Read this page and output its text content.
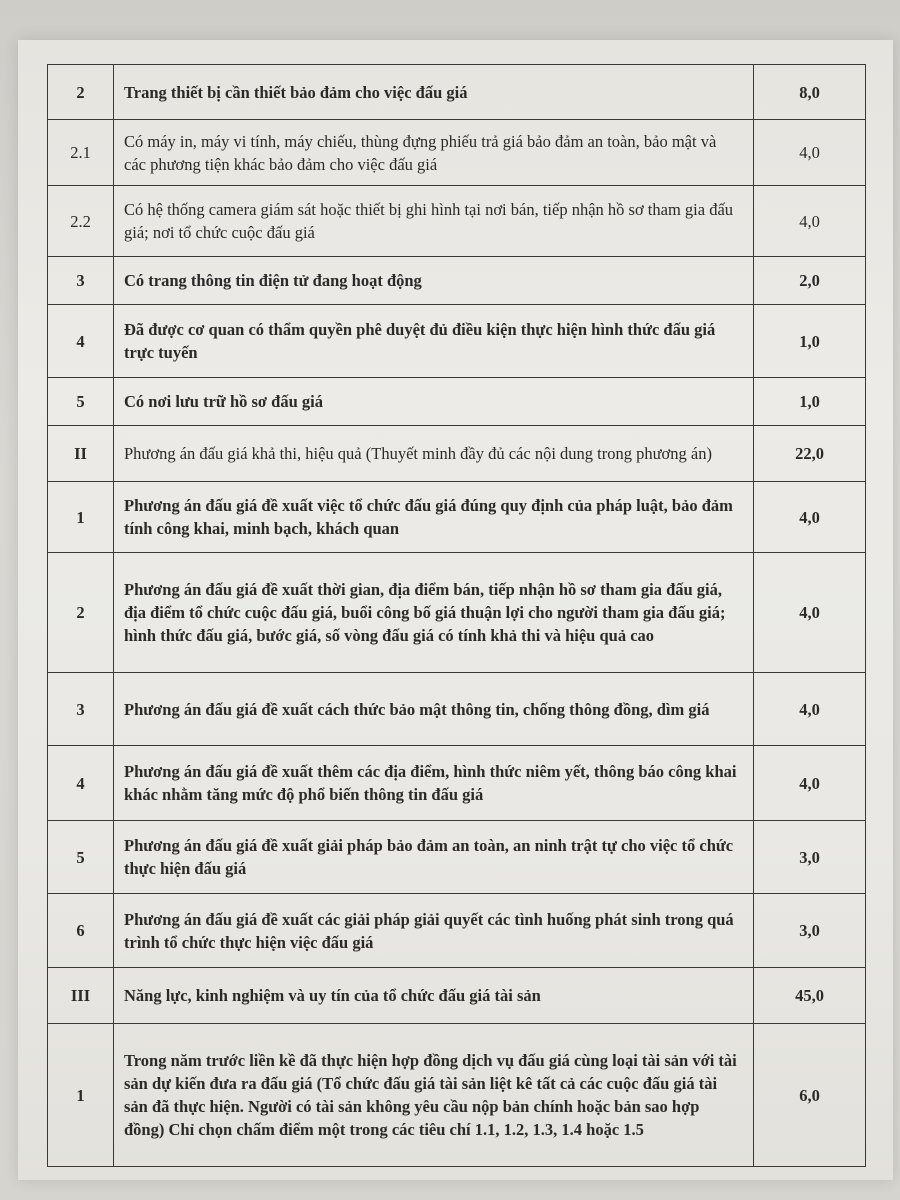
2	Trang thiết bị cần thiết bảo đảm cho việc đấu giá	8,0
2.1	Có máy in, máy vi tính, máy chiếu, thùng đựng phiếu trả giá bảo đảm an toàn, bảo mật và các phương tiện khác bảo đảm cho việc đấu giá	4,0
2.2	Có hệ thống camera giám sát hoặc thiết bị ghi hình tại nơi bán, tiếp nhận hồ sơ tham gia đấu giá; nơi tổ chức cuộc đấu giá	4,0
3	Có trang thông tin điện tử đang hoạt động	2,0
4	Đã được cơ quan có thẩm quyền phê duyệt đủ điều kiện thực hiện hình thức đấu giá trực tuyến	1,0
5	Có nơi lưu trữ hồ sơ đấu giá	1,0
II	Phương án đấu giá khả thi, hiệu quả (Thuyết minh đầy đủ các nội dung trong phương án)	22,0
1	Phương án đấu giá đề xuất việc tổ chức đấu giá đúng quy định của pháp luật, bảo đảm tính công khai, minh bạch, khách quan	4,0
2	Phương án đấu giá đề xuất thời gian, địa điểm bán, tiếp nhận hồ sơ tham gia đấu giá, địa điểm tổ chức cuộc đấu giá, buổi công bố giá thuận lợi cho người tham gia đấu giá; hình thức đấu giá, bước giá, số vòng đấu giá có tính khả thi và hiệu quả cao	4,0
3	Phương án đấu giá đề xuất cách thức bảo mật thông tin, chống thông đồng, dìm giá	4,0
4	Phương án đấu giá đề xuất thêm các địa điểm, hình thức niêm yết, thông báo công khai khác nhằm tăng mức độ phổ biến thông tin đấu giá	4,0
5	Phương án đấu giá đề xuất giải pháp bảo đảm an toàn, an ninh trật tự cho việc tổ chức thực hiện đấu giá	3,0
6	Phương án đấu giá đề xuất các giải pháp giải quyết các tình huống phát sinh trong quá trình tổ chức thực hiện việc đấu giá	3,0
III	Năng lực, kinh nghiệm và uy tín của tổ chức đấu giá tài sản	45,0
1	Trong năm trước liền kề đã thực hiện hợp đồng dịch vụ đấu giá cùng loại tài sản với tài sản dự kiến đưa ra đấu giá (Tổ chức đấu giá tài sản liệt kê tất cả các cuộc đấu giá tài sản đã thực hiện. Người có tài sản không yêu cầu nộp bản chính hoặc bản sao hợp đồng) Chỉ chọn chấm điểm một trong các tiêu chí 1.1, 1.2, 1.3, 1.4 hoặc 1.5	6,0
